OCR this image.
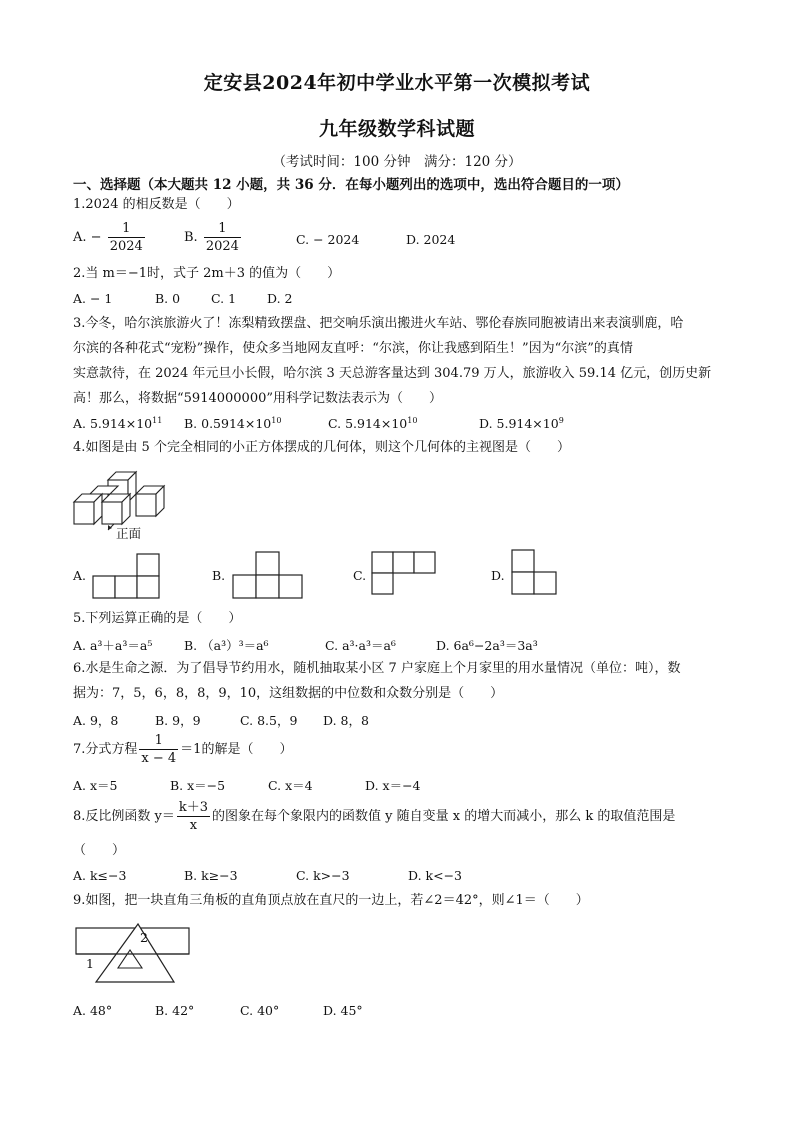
定安县2024年初中学业水平第一次模拟考试
九年级数学科试题
（考试时间：100 分钟　满分：120 分）
一、选择题（本大题共 12 小题，共 36 分．在每小题列出的选项中，选出符合题目的一项）
1.2024 的相反数是（　　）
A. − $\frac{1}{2024}$	B. $\frac{1}{2024}$	C. − 2024	D. 2024
2.当 m＝−1时，式子 2m＋3 的值为（　　）
A. − 1	B. 0 C. 1 D. 2
3.今冬，哈尔滨旅游火了！冻梨精致摆盘、把交响乐演出搬进火车站、鄂伦春族同胞被请出来表演驯鹿，哈
尔滨的各种花式“宠粉”操作，使众多当地网友直呼：“尔滨，你让我感到陌生！”因为“尔滨”的真情
实意款待，在 2024 年元旦小长假，哈尔滨 3 天总游客量达到 304.79 万人，旅游收入 59.14 亿元，创历史新
高！那么，将数据“5914000000”用科学记数法表示为（　　）
A. $5.914\times 10^{11}$ B. $0.5914\times 10^{10}$	C. $5.914\times 10^{10}$	D. $5.914\times 10^9$
4.如图是由 5 个完全相同的小正方体摆成的几何体，则这个几何体的主视图是（　　）
正面
A.	B.	C.	D.
5.下列运算正确的是（　　）
A. a³＋a³＝a⁵	B. （a³）³＝a⁶	C. a³·a³＝a⁶	D. 6a⁶−2a³＝3a³
6.水是生命之源．为了倡导节约用水，随机抽取某小区 7 户家庭上个月家里的用水量情况（单位：吨），数
据为：7，5，6，8，8，9，10，这组数据的中位数和众数分别是（　　）
A. 9，8	B. 9，9	C. 8.5，9 D. 8，8
7.分式方程 $\frac{1}{x - 4} =1$的解是（　　）
A. x＝5	B. x＝−5	C. x＝4	D. x＝−4
8.反比例函数 $y= \frac{k+3}{x}$ 的图象在每个象限内的函数值 y 随自变量 x 的增大而减小，那么 k 的取值范围是
（　　）
A. k≤−3	B. k≥−3	C. k>−3	D. k<−3
9.如图，把一块直角三角板的直角顶点放在直尺的一边上，若∠2＝42°，则∠1＝（　　）
2
1
A. 48°	B. 42°	C. 40°	D. 45°
